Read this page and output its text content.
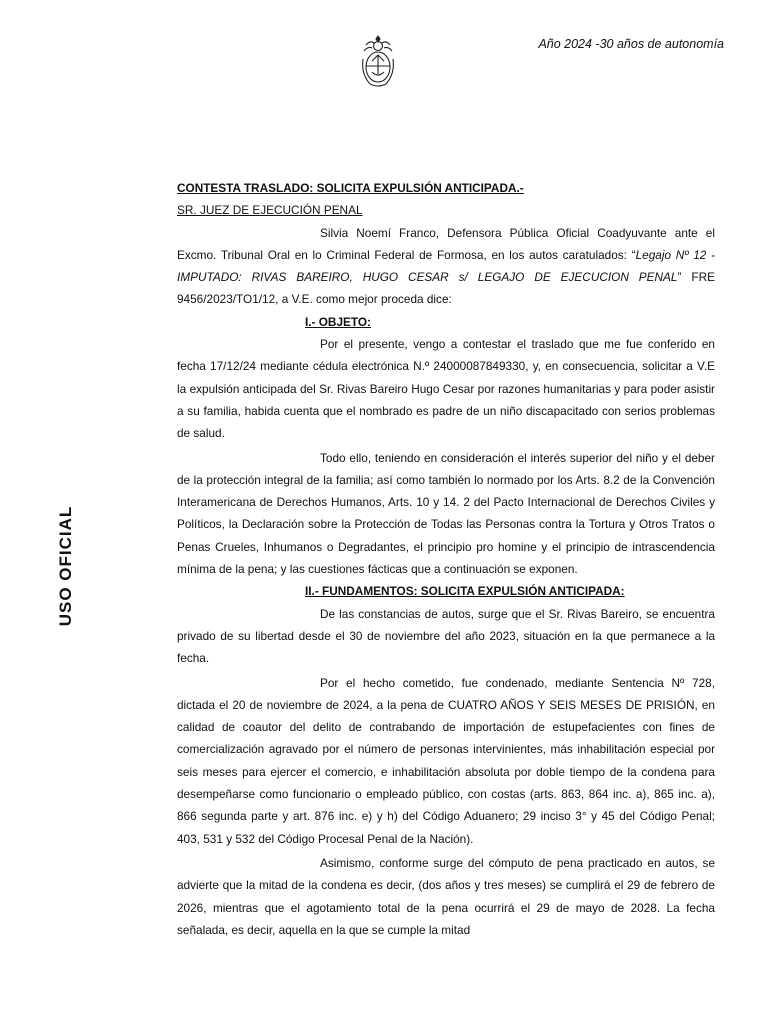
Año 2024 -30 años de autonomía
USO OFICIAL

CONTESTA TRASLADO: SOLICITA EXPULSIÓN ANTICIPADA.-

SR. JUEZ DE EJECUCIÓN PENAL

Silvia Noemí Franco, Defensora Pública Oficial Coadyuvante ante el Excmo. Tribunal Oral en lo Criminal Federal de Formosa, en los autos caratulados: “Legajo Nº 12 - IMPUTADO: RIVAS BAREIRO, HUGO CESAR s/ LEGAJO DE EJECUCION PENAL” FRE 9456/2023/TO1/12, a V.E. como mejor proceda dice:

I.- OBJETO:

Por el presente, vengo a contestar el traslado que me fue conferido en fecha 17/12/24 mediante cédula electrónica N.º 24000087849330, y, en consecuencia, solicitar a V.E la expulsión anticipada del Sr. Rivas Bareiro Hugo Cesar por razones humanitarias y para poder asistir a su familia, habida cuenta que el nombrado es padre de un niño discapacitado con serios problemas de salud.

Todo ello, teniendo en consideración el interés superior del niño y el deber de la protección integral de la familia; así como también lo normado por los Arts. 8.2 de la Convención Interamericana de Derechos Humanos, Arts. 10 y 14. 2 del Pacto Internacional de Derechos Civiles y Políticos, la Declaración sobre la Protección de Todas las Personas contra la Tortura y Otros Tratos o Penas Crueles, Inhumanos o Degradantes, el principio pro homine y el principio de intrascendencia mínima de la pena; y las cuestiones fácticas que a continuación se exponen.

II.- FUNDAMENTOS: SOLICITA EXPULSIÓN ANTICIPADA:

De las constancias de autos, surge que el Sr. Rivas Bareiro, se encuentra privado de su libertad desde el 30 de noviembre del año 2023, situación en la que permanece a la fecha.

Por el hecho cometido, fue condenado, mediante Sentencia Nº 728, dictada el 20 de noviembre de 2024, a la pena de CUATRO AÑOS Y SEIS MESES DE PRISIÓN, en calidad de coautor del delito de contrabando de importación de estupefacientes con fines de comercialización agravado por el número de personas intervinientes, más inhabilitación especial por seis meses para ejercer el comercio, e inhabilitación absoluta por doble tiempo de la condena para desempeñarse como funcionario o empleado público, con costas (arts. 863, 864 inc. a), 865 inc. a), 866 segunda parte y art. 876 inc. e) y h) del Código Aduanero; 29 inciso 3° y 45 del Código Penal; 403, 531 y 532 del Código Procesal Penal de la Nación).

Asimismo, conforme surge del cómputo de pena practicado en autos, se advierte que la mitad de la condena es decir, (dos años y tres meses) se cumplirá el 29 de febrero de 2026, mientras que el agotamiento total de la pena ocurrirá el 29 de mayo de 2028. La fecha señalada, es decir, aquella en la que se cumple la mitad
